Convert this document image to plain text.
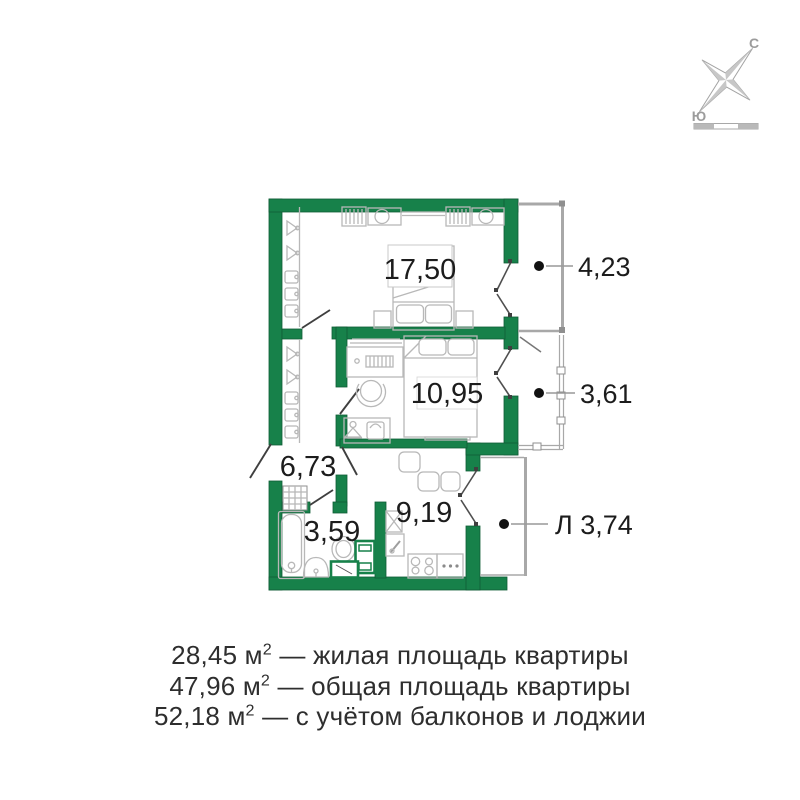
С
Ю
17,50
10,95
6,73
3,59
9,19
4,23
3,61
Л 3,74
28,45 $м^2$ — жилая площадь квартиры
47,96 $м^2$ — общая площадь квартиры
52,18 $м^2$ — с учётом балконов и лоджии
